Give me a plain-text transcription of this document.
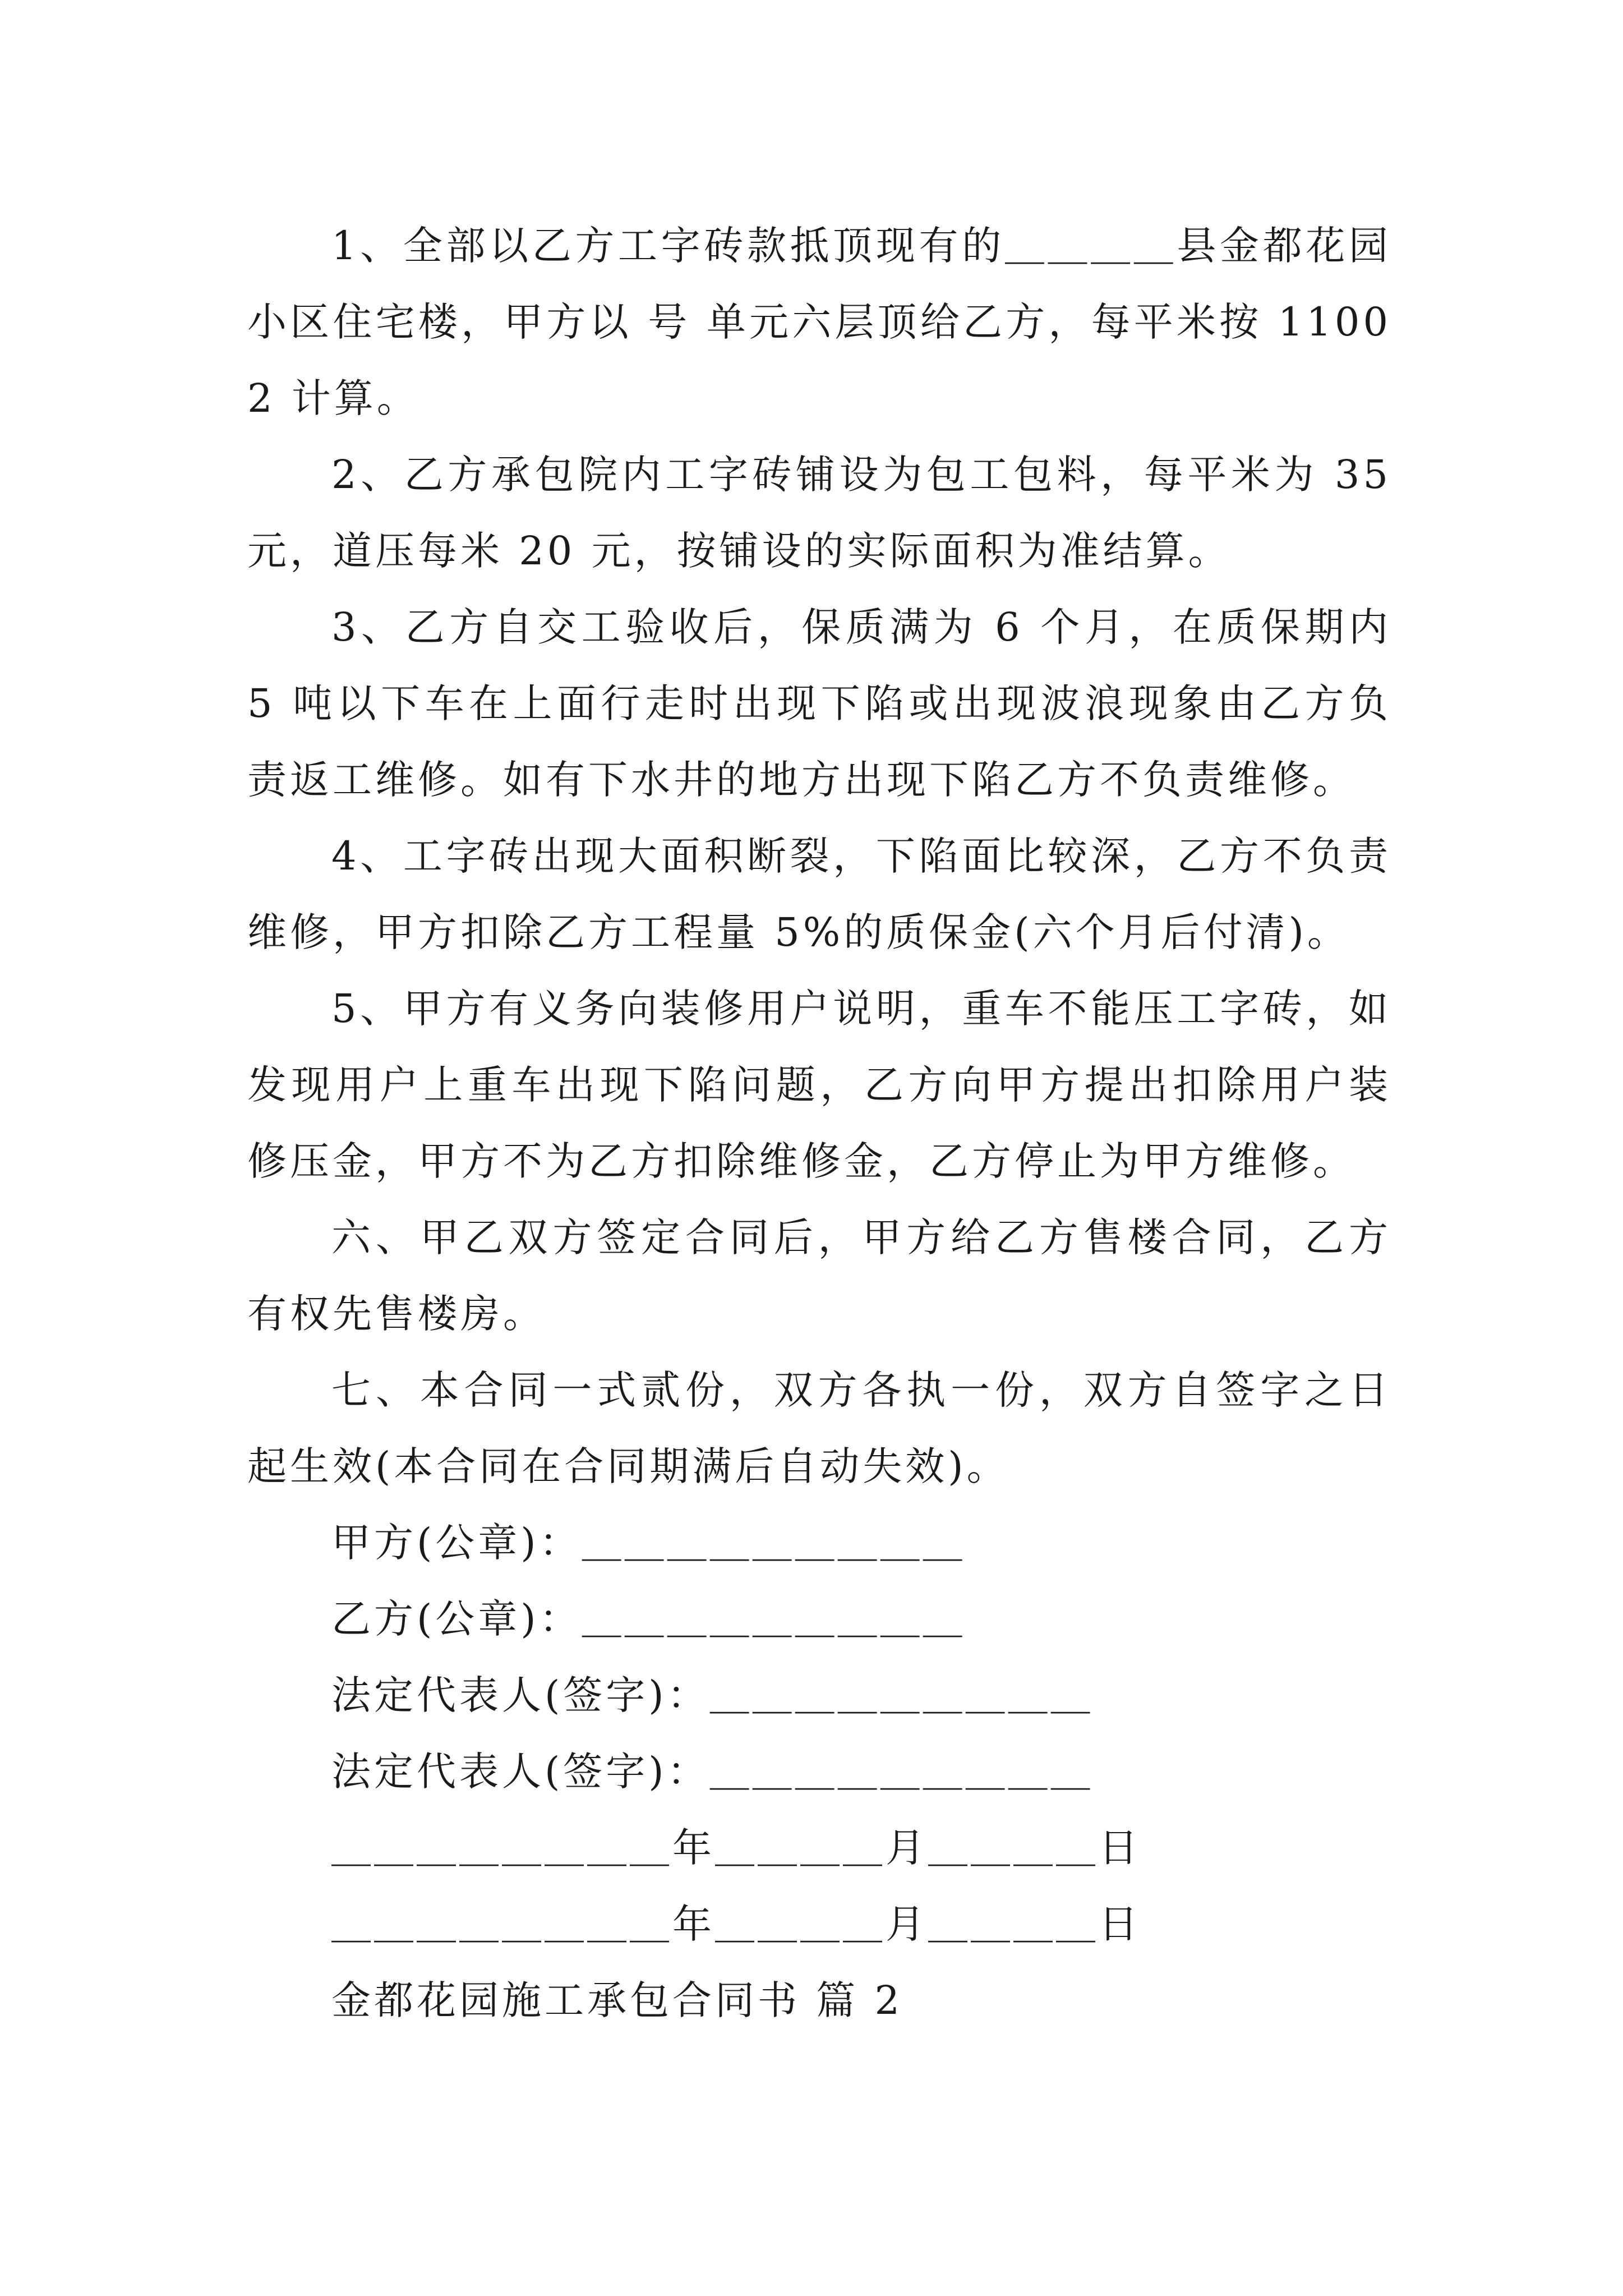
1、全部以乙方工字砖款抵顶现有的＿＿＿＿县金都花园小区住宅楼，甲方以 号 单元六层顶给乙方，每平米按 11002 计算。

2、乙方承包院内工字砖铺设为包工包料，每平米为 35 元，道压每米 20 元，按铺设的实际面积为准结算。

3、乙方自交工验收后，保质满为 6 个月，在质保期内 5 吨以下车在上面行走时出现下陷或出现波浪现象由乙方负责返工维修。如有下水井的地方出现下陷乙方不负责维修。

4、工字砖出现大面积断裂，下陷面比较深，乙方不负责维修，甲方扣除乙方工程量 5%的质保金(六个月后付清)。

5、甲方有义务向装修用户说明，重车不能压工字砖，如发现用户上重车出现下陷问题，乙方向甲方提出扣除用户装修压金，甲方不为乙方扣除维修金，乙方停止为甲方维修。

六、甲乙双方签定合同后，甲方给乙方售楼合同，乙方有权先售楼房。

七、本合同一式贰份，双方各执一份，双方自签字之日起生效(本合同在合同期满后自动失效)。

甲方(公章)：＿＿＿＿＿＿＿＿＿

乙方(公章)：＿＿＿＿＿＿＿＿＿

法定代表人(签字)：＿＿＿＿＿＿＿＿＿

法定代表人(签字)：＿＿＿＿＿＿＿＿＿

＿＿＿＿＿＿＿＿年＿＿＿＿月＿＿＿＿日

＿＿＿＿＿＿＿＿年＿＿＿＿月＿＿＿＿日

金都花园施工承包合同书 篇 2
